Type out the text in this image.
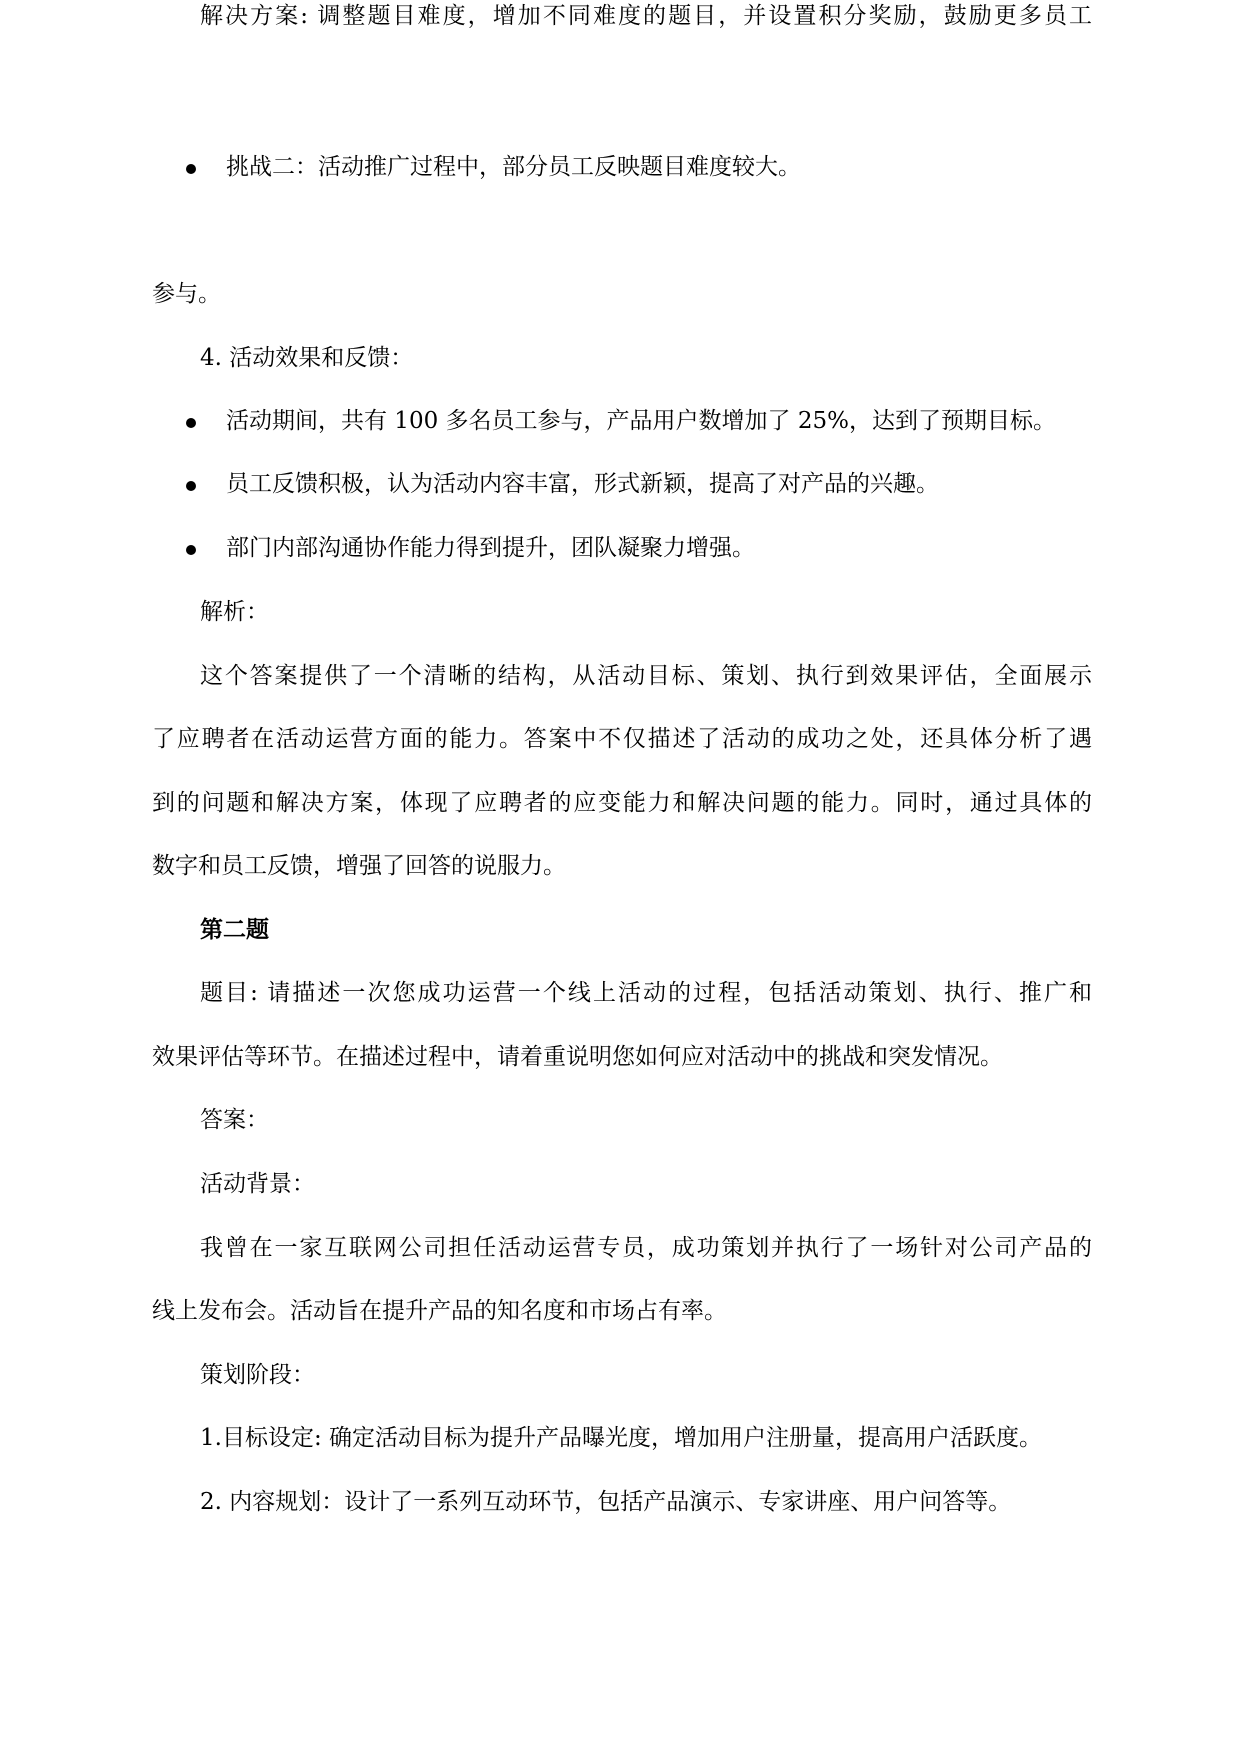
挑战二：活动推广过程中，部分员工反映题目难度较大。
解决方案: 调整题目难度，增加不同难度的题目，并设置积分奖励，鼓励更多员工
参与。
4. 活动效果和反馈：
活动期间，共有 100 多名员工参与，产品用户数增加了 25%，达到了预期目标。
员工反馈积极，认为活动内容丰富，形式新颖，提高了对产品的兴趣。
部门内部沟通协作能力得到提升，团队凝聚力增强。
解析：
这个答案提供了一个清晰的结构，从活动目标、策划、执行到效果评估，全面展示
了应聘者在活动运营方面的能力。答案中不仅描述了活动的成功之处，还具体分析了遇
到的问题和解决方案，体现了应聘者的应变能力和解决问题的能力。同时，通过具体的
数字和员工反馈，增强了回答的说服力。
第二题
题目: 请描述一次您成功运营一个线上活动的过程，包括活动策划、执行、推广和
效果评估等环节。在描述过程中，请着重说明您如何应对活动中的挑战和突发情况。
答案：
活动背景：
我曾在一家互联网公司担任活动运营专员，成功策划并执行了一场针对公司产品的
线上发布会。活动旨在提升产品的知名度和市场占有率。
策划阶段：
1.目标设定: 确定活动目标为提升产品曝光度，增加用户注册量，提高用户活跃度。
2. 内容规划：设计了一系列互动环节，包括产品演示、专家讲座、用户问答等。
